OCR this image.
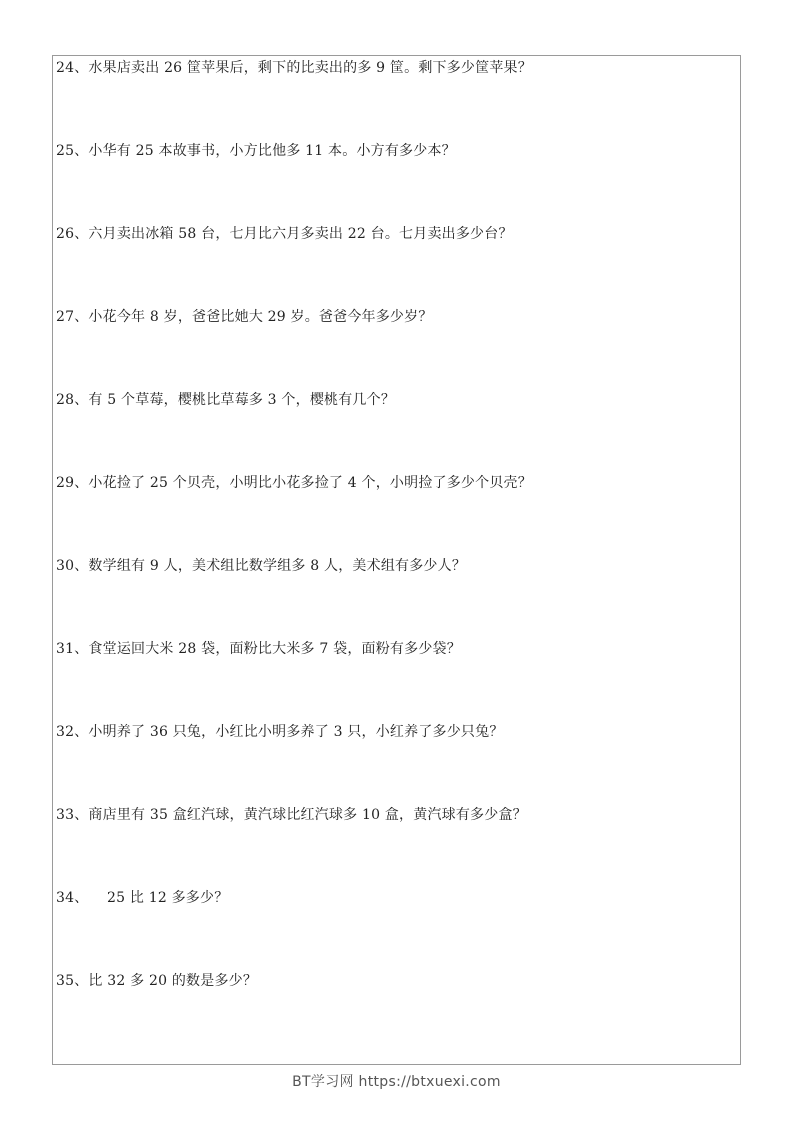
24、水果店卖出 26 筐苹果后，剩下的比卖出的多 9 筐。剩下多少筐苹果？
25、小华有 25 本故事书，小方比他多 11 本。小方有多少本？
26、六月卖出冰箱 58 台，七月比六月多卖出 22 台。七月卖出多少台？
27、小花今年 8 岁，爸爸比她大 29 岁。爸爸今年多少岁？
28、有 5 个草莓，樱桃比草莓多 3 个，樱桃有几个？
29、小花捡了 25 个贝壳，小明比小花多捡了 4 个，小明捡了多少个贝壳？
30、数学组有 9 人，美术组比数学组多 8 人，美术组有多少人？
31、食堂运回大米 28 袋，面粉比大米多 7 袋，面粉有多少袋？
32、小明养了 36 只兔，小红比小明多养了 3 只，小红养了多少只兔？
33、商店里有 35 盒红汽球，黄汽球比红汽球多 10 盒，黄汽球有多少盒？
34、    25 比 12 多多少？
35、比 32 多 20 的数是多少？
BT学习网 https://btxuexi.com
